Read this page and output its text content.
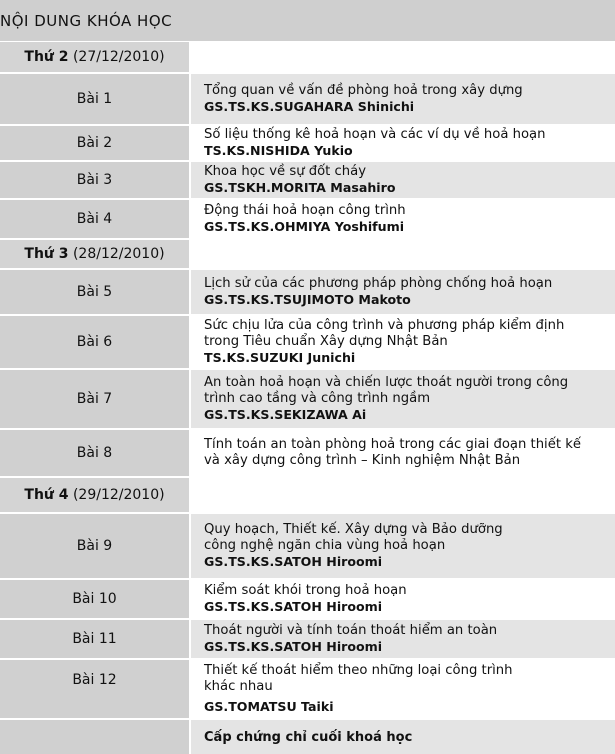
NỘI DUNG KHÓA HỌC
Thứ 2
(27/12/2010)
Bài 1
Tổng quan về vấn đề phòng hoả trong xây dựng
GS.TS.KS.SUGAHARA Shinichi
Bài 2
Số liệu thống kê hoả hoạn và các ví dụ về hoả hoạn
TS.KS.NISHIDA Yukio
Bài 3
Khoa học về sự đốt cháy
GS.TSKH.MORITA Masahiro
Bài 4
Động thái hoả hoạn công trình
GS.TS.KS.OHMIYA Yoshifumi
Thứ 3
(28/12/2010)
Bài 5
Lịch sử của các phương pháp phòng chống hoả hoạn
GS.TS.KS.TSUJIMOTO Makoto
Bài 6
Sức chịu lửa của công trình và phương pháp kiểm định
trong Tiêu chuẩn Xây dựng Nhật Bản
TS.KS.SUZUKI Junichi
Bài 7
An toàn hoả hoạn và chiến lược thoát người trong công
trình cao tầng và công trình ngầm
GS.TS.KS.SEKIZAWA Ai
Bài 8
Tính toán an toàn phòng hoả trong các giai đoạn thiết kế
và xây dựng công trình – Kinh nghiệm Nhật Bản
Thứ 4
(29/12/2010)
Bài 9
Quy hoạch, Thiết kế. Xây dựng và Bảo dưỡng
công nghệ ngăn chia vùng hoả hoạn
GS.TS.KS.SATOH Hiroomi
Bài 10
Kiểm soát khói trong hoả hoạn
GS.TS.KS.SATOH Hiroomi
Bài 11
Thoát người và tính toán thoát hiểm an toàn
GS.TS.KS.SATOH Hiroomi
Bài 12
Thiết kế thoát hiểm theo những loại công trình
khác nhau
GS.TOMATSU Taiki
Cấp chứng chỉ cuối khoá học
